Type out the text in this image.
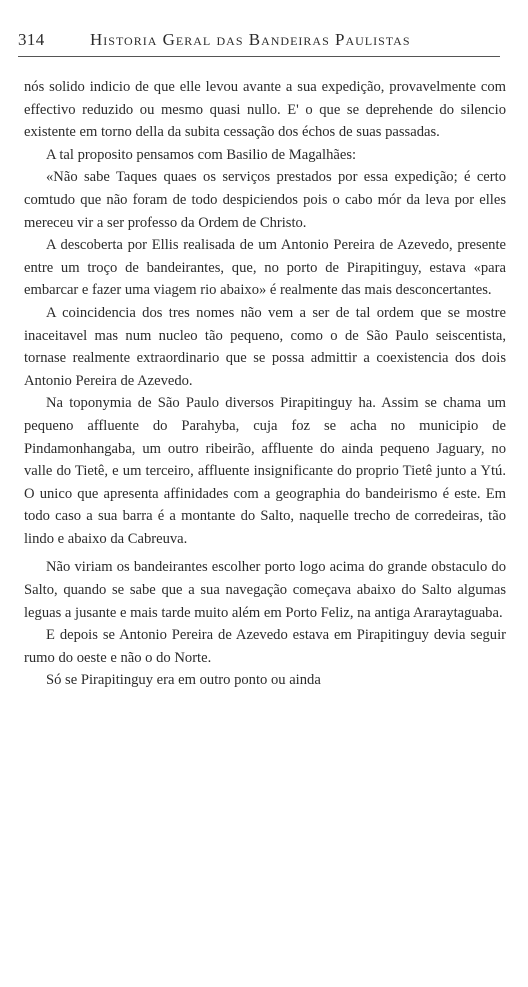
314	Historia Geral das Bandeiras Paulistas

nós solido indicio de que elle levou avante a sua expedição, provavelmente com effectivo reduzido ou mesmo quasi nullo. E' o que se deprehende do silencio existente em torno della da subita cessação dos échos de suas passadas.

A tal proposito pensamos com Basilio de Magalhães:

«Não sabe Taques quaes os serviços prestados por essa expedição; é certo comtudo que não foram de todo despiciendos pois o cabo mór da leva por elles mereceu vir a ser professo da Ordem de Christo.

A descoberta por Ellis realisada de um Antonio Pereira de Azevedo, presente entre um troço de bandeirantes, que, no porto de Pirapitinguy, estava «para embarcar e fazer uma viagem rio abaixo» é realmente das mais desconcertantes.

A coincidencia dos tres nomes não vem a ser de tal ordem que se mostre inaceitavel mas num nucleo tão pequeno, como o de São Paulo seiscentista, tornase realmente extraordinario que se possa admittir a coexistencia dos dois Antonio Pereira de Azevedo.

Na toponymia de São Paulo diversos Pirapitinguy ha. Assim se chama um pequeno affluente do Parahyba, cuja foz se acha no municipio de Pindamonhangaba, um outro ribeirão, affluente do ainda pequeno Jaguary, no valle do Tietê, e um terceiro, affluente insignificante do proprio Tietê junto a Ytú. O unico que apresenta affinidades com a geographia do bandeirismo é este. Em todo caso a sua barra é a montante do Salto, naquelle trecho de corredeiras, tão lindo e abaixo da Cabreuva.

Não viriam os bandeirantes escolher porto logo acima do grande obstaculo do Salto, quando se sabe que a sua navegação começava abaixo do Salto algumas leguas a jusante e mais tarde muito além em Porto Feliz, na antiga Araraytaguaba.

E depois se Antonio Pereira de Azevedo estava em Pirapitinguy devia seguir rumo do oeste e não o do Norte.

Só se Pirapitinguy era em outro ponto ou ainda
